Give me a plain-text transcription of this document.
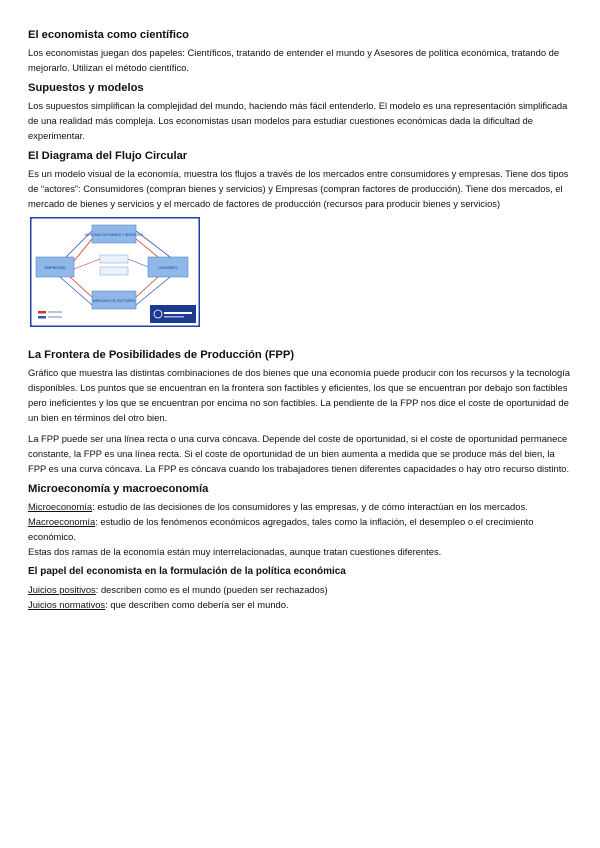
El economista como científico

Los economistas juegan dos papeles: Científicos, tratando de entender el mundo y Asesores de política económica, tratando de mejorarlo. Utilizan el método científico.

Supuestos y modelos

Los supuestos simplifican la complejidad del mundo, haciendo más fácil entenderlo. El modelo es una representación simplificada de una realidad más compleja. Los economistas usan modelos para estudiar cuestiones económicas dada la dificultad de experimentar.

El Diagrama del Flujo Circular

Es un modelo visual de la economía, muestra los flujos a través de los mercados entre consumidores y empresas. Tiene dos tipos de “actores”: Consumidores (compran bienes y servicios) y Empresas (compran factores de producción). Tiene dos mercados, el mercado de bienes y servicios y el mercado de factores de producción (recursos para producir bienes y servicios)

MERCADO DE BIENES Y SERVICIOS
MERCADO DE FACTORES
EMPRESAS	HOGARES
La Frontera de Posibilidades de Producción (FPP)

Gráfico que muestra las distintas combinaciones de dos bienes que una economía puede producir con los recursos y la tecnología disponibles. Los puntos que se encuentran en la frontera son factibles y eficientes, los que se encuentran por debajo son factibles pero ineficientes y los que se encuentran por encima no son factibles. La pendiente de la FPP nos dice el coste de oportunidad de un bien en términos del otro bien.

La FPP puede ser una línea recta o una curva cóncava. Depende del coste de oportunidad, si el coste de oportunidad permanece constante, la FPP es una línea recta. Si el coste de oportunidad de un bien aumenta a medida que se produce más del bien, la FPP es una curva cóncava. La FPP es cóncava cuando los trabajadores tienen diferentes capacidades o hay otro recurso distinto.

Microeconomía y macroeconomía

Microeconomía: estudio de las decisiones de los consumidores y las empresas, y de cómo interactúan en los mercados.

Macroeconomía: estudio de los fenómenos económicos agregados, tales como la inflación, el desempleo o el crecimiento económico.

Estas dos ramas de la economía están muy interrelacionadas, aunque tratan cuestiones diferentes.

El papel del economista en la formulación de la política económica

Juicios positivos: describen como es el mundo (pueden ser rechazados)

Juicios normativos: que describen como debería ser el mundo.
